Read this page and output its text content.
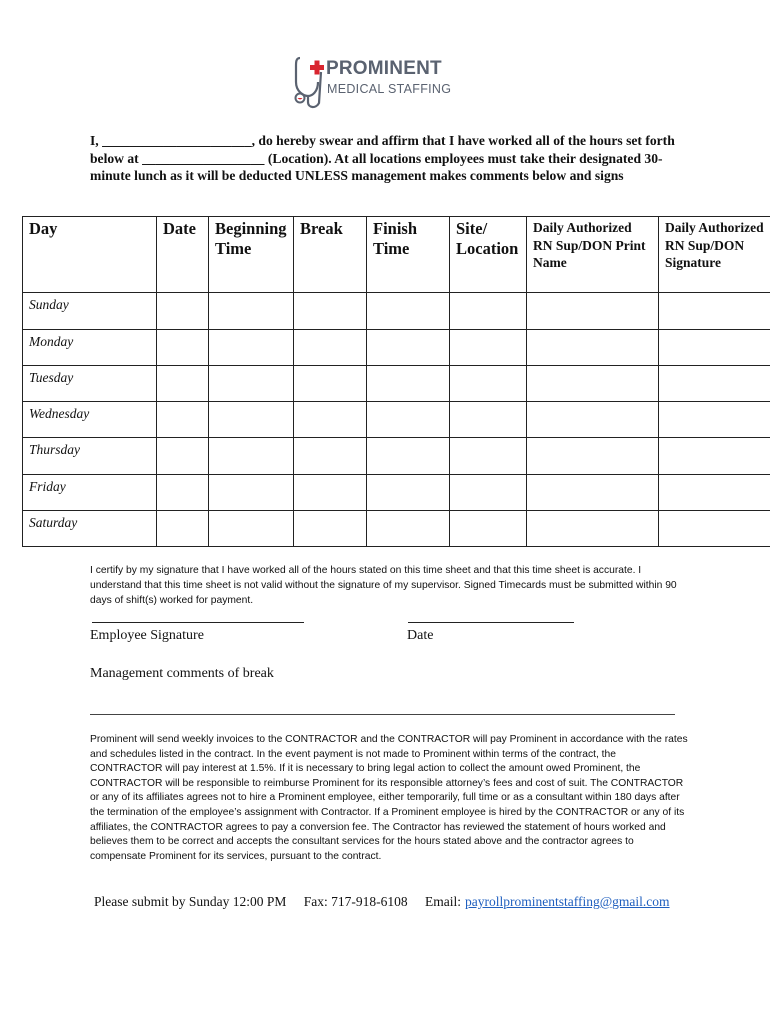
PROMINENT
MEDICAL STAFFING
I, ______________________, do hereby swear and affirm that I have worked all of the hours set forth below at __________________ (Location). At all locations employees must take their designated 30-minute lunch as it will be deducted UNLESS management makes comments below and signs
Day	Date	Beginning Time	Break	Finish Time	Site/ Location	Daily Authorized RN Sup/DON Print Name	Daily Authorized RN Sup/DON Signature
Sunday							
Monday							
Tuesday							
Wednesday							
Thursday							
Friday							
Saturday							
I certify by my signature that I have worked all of the hours stated on this time sheet and that this time sheet is accurate. I understand that this time sheet is not valid without the signature of my supervisor. Signed Timecards must be submitted within 90 days of shift(s) worked for payment.
Employee Signature	Date
Management comments of break
Prominent will send weekly invoices to the CONTRACTOR and the CONTRACTOR will pay Prominent in accordance with the rates and schedules listed in the contract. In the event payment is not made to Prominent within terms of the contract, the CONTRACTOR will pay interest at 1.5%. If it is necessary to bring legal action to collect the amount owed Prominent, the CONTRACTOR will be responsible to reimburse Prominent for its responsible attorney’s fees and cost of suit. The CONTRACTOR or any of its affiliates agrees not to hire a Prominent employee, either temporarily, full time or as a consultant within 180 days after the termination of the employee’s assignment with Contractor. If a Prominent employee is hired by the CONTRACTOR or any of its affiliates, the CONTRACTOR agrees to pay a conversion fee. The Contractor has reviewed the statement of hours worked and believes them to be correct and accepts the consultant services for the hours stated above and the contractor agrees to compensate Prominent for its services, pursuant to the contract.
Please submit by Sunday 12:00 PM Fax: 717-918-6108 Email: payrollprominentstaffing@gmail.com
